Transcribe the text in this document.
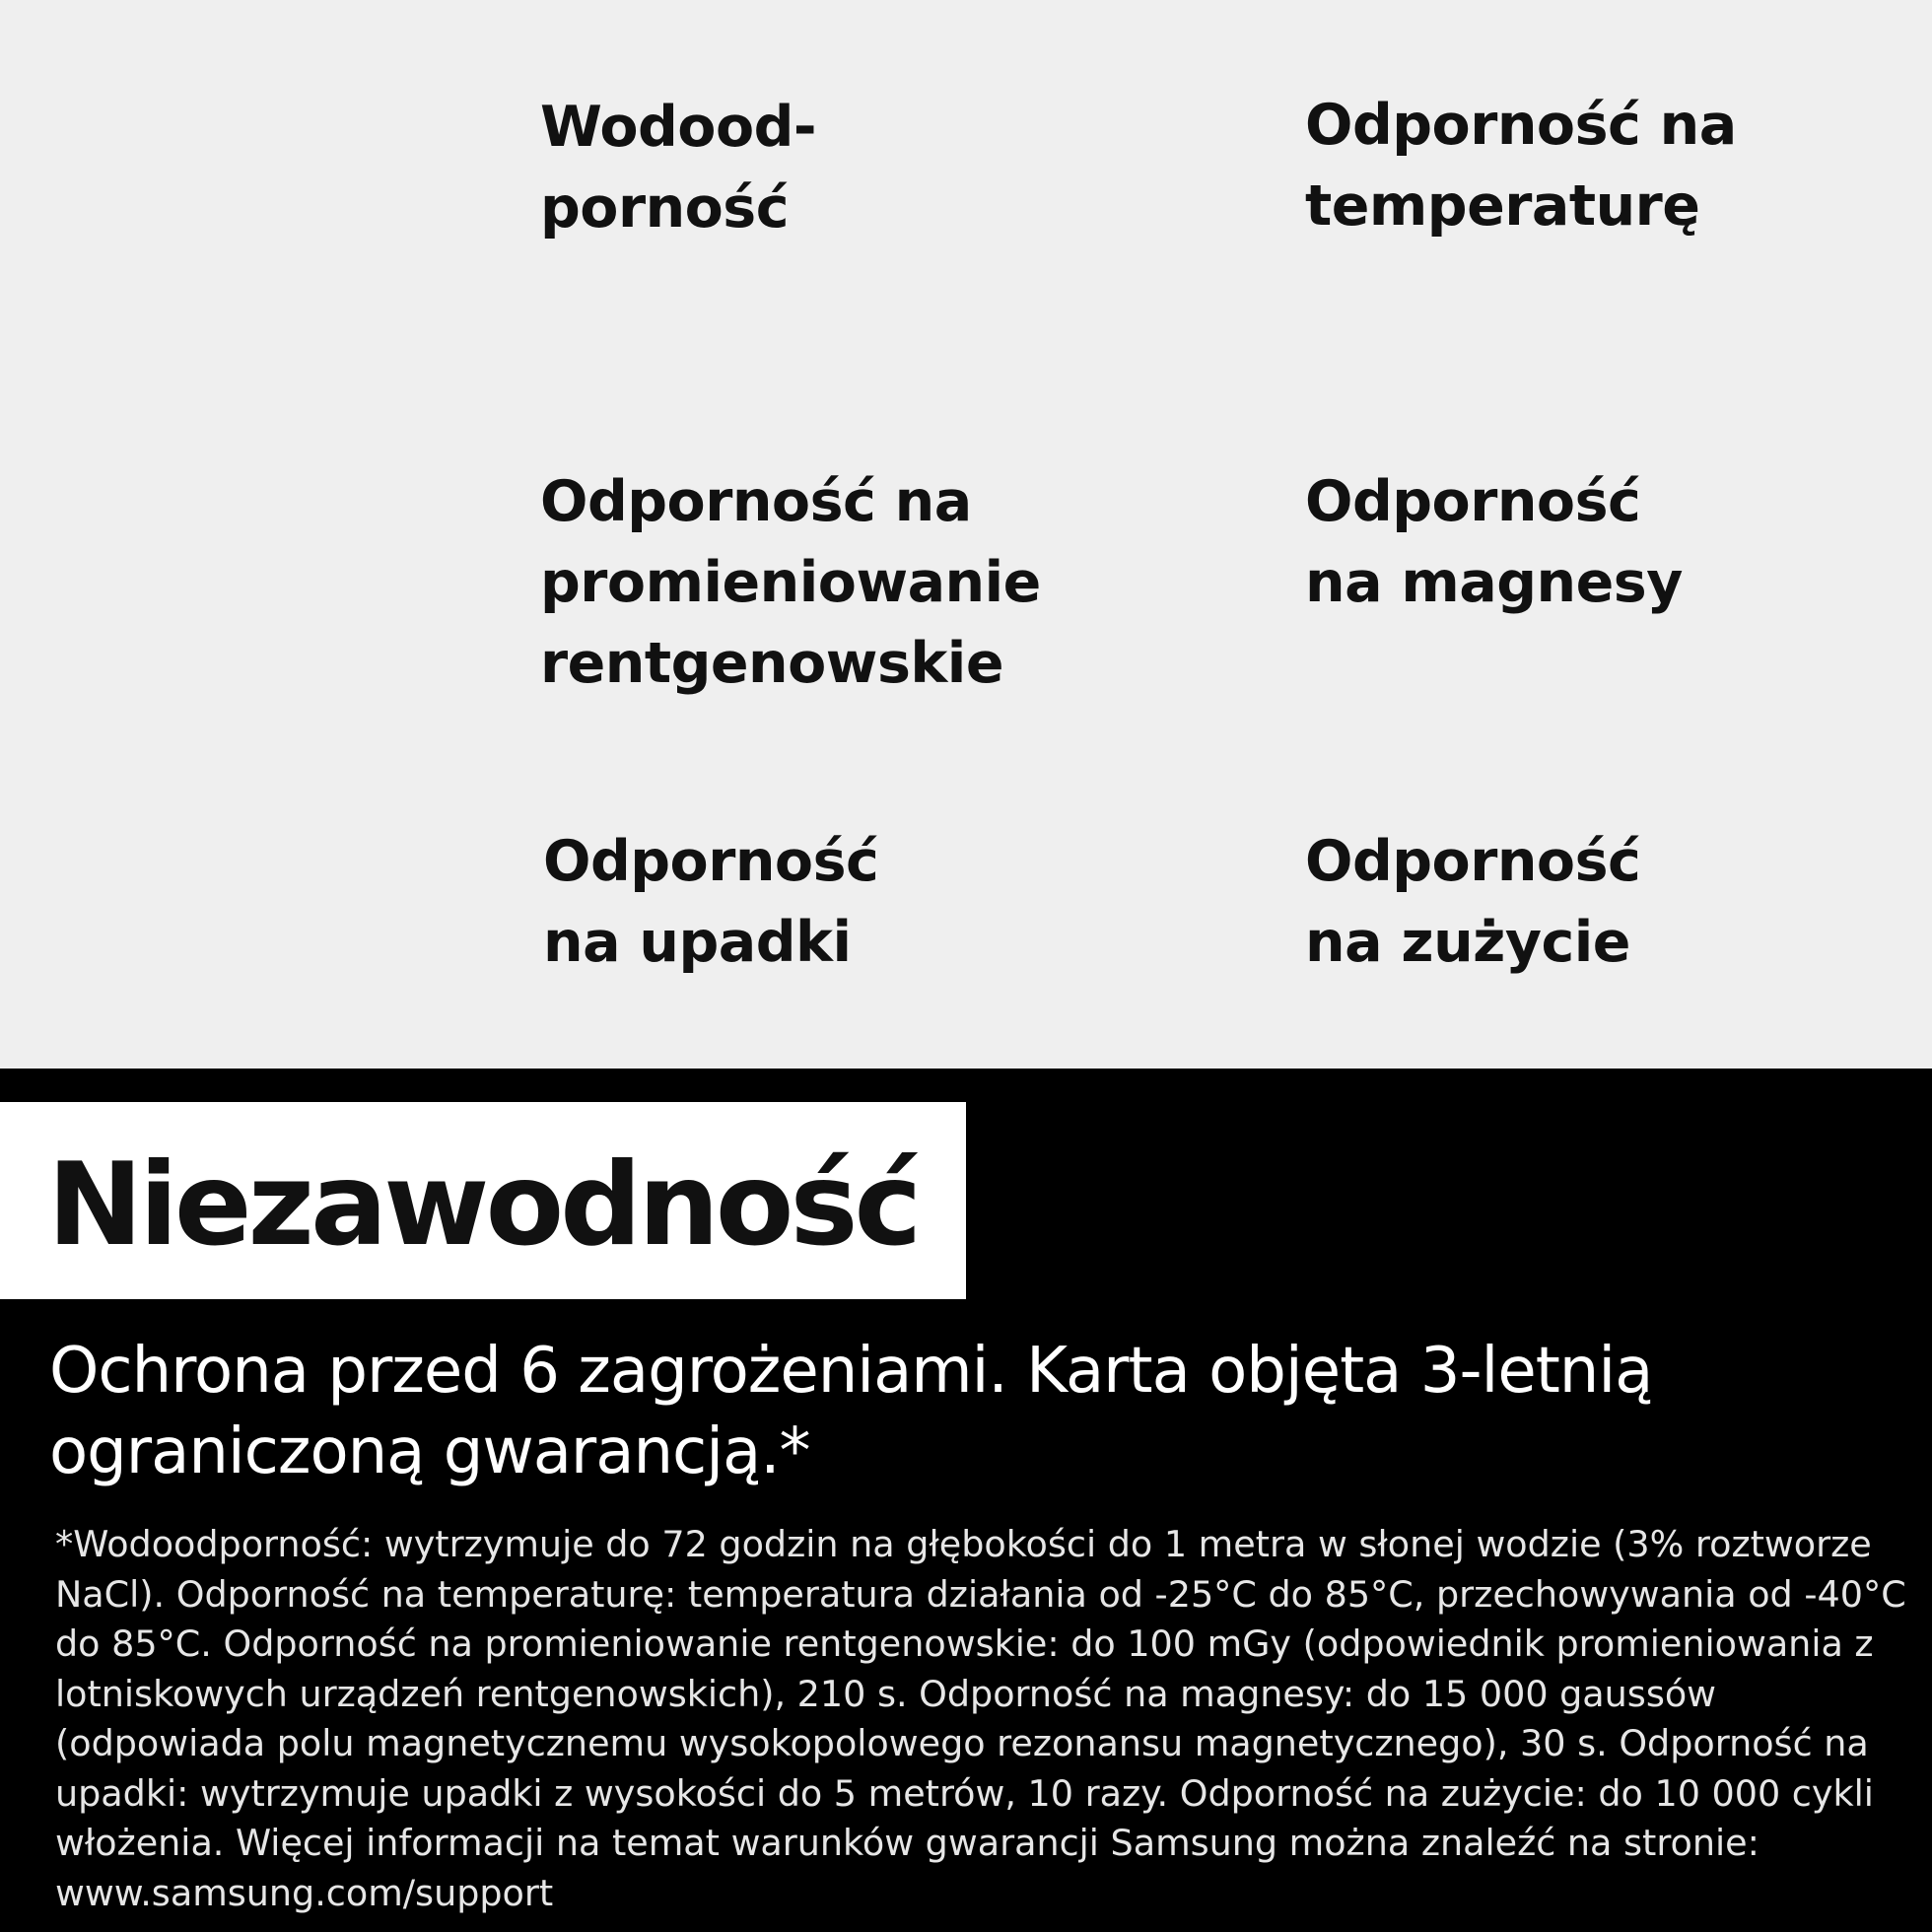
Wodood-
porność
Odporność na
temperaturę
Odporność na
promieniowanie
rentgenowskie
Odporność
na magnesy
Odporność
na upadki
Odporność
na zużycie
Niezawodność
Ochrona przed 6 zagrożeniami. Karta objęta 3-letnią ograniczoną gwarancją.*
*Wodoodporność: wytrzymuje do 72 godzin na głębokości do 1 metra w słonej wodzie (3% roztworze NaCl). Odporność na temperaturę: temperatura działania od -25°C do 85°C, przechowywania od -40°C do 85°C. Odporność na promieniowanie rentgenowskie: do 100 mGy (odpowiednik promieniowania z lotniskowych urządzeń rentgenowskich), 210 s. Odporność na magnesy: do 15 000 gaussów (odpowiada polu magnetycznemu wysokopolowego rezonansu magnetycznego), 30 s. Odporność na upadki: wytrzymuje upadki z wysokości do 5 metrów, 10 razy. Odporność na zużycie: do 10 000 cykli włożenia. Więcej informacji na temat warunków gwarancji Samsung można znaleźć na stronie: www.samsung.com/support
